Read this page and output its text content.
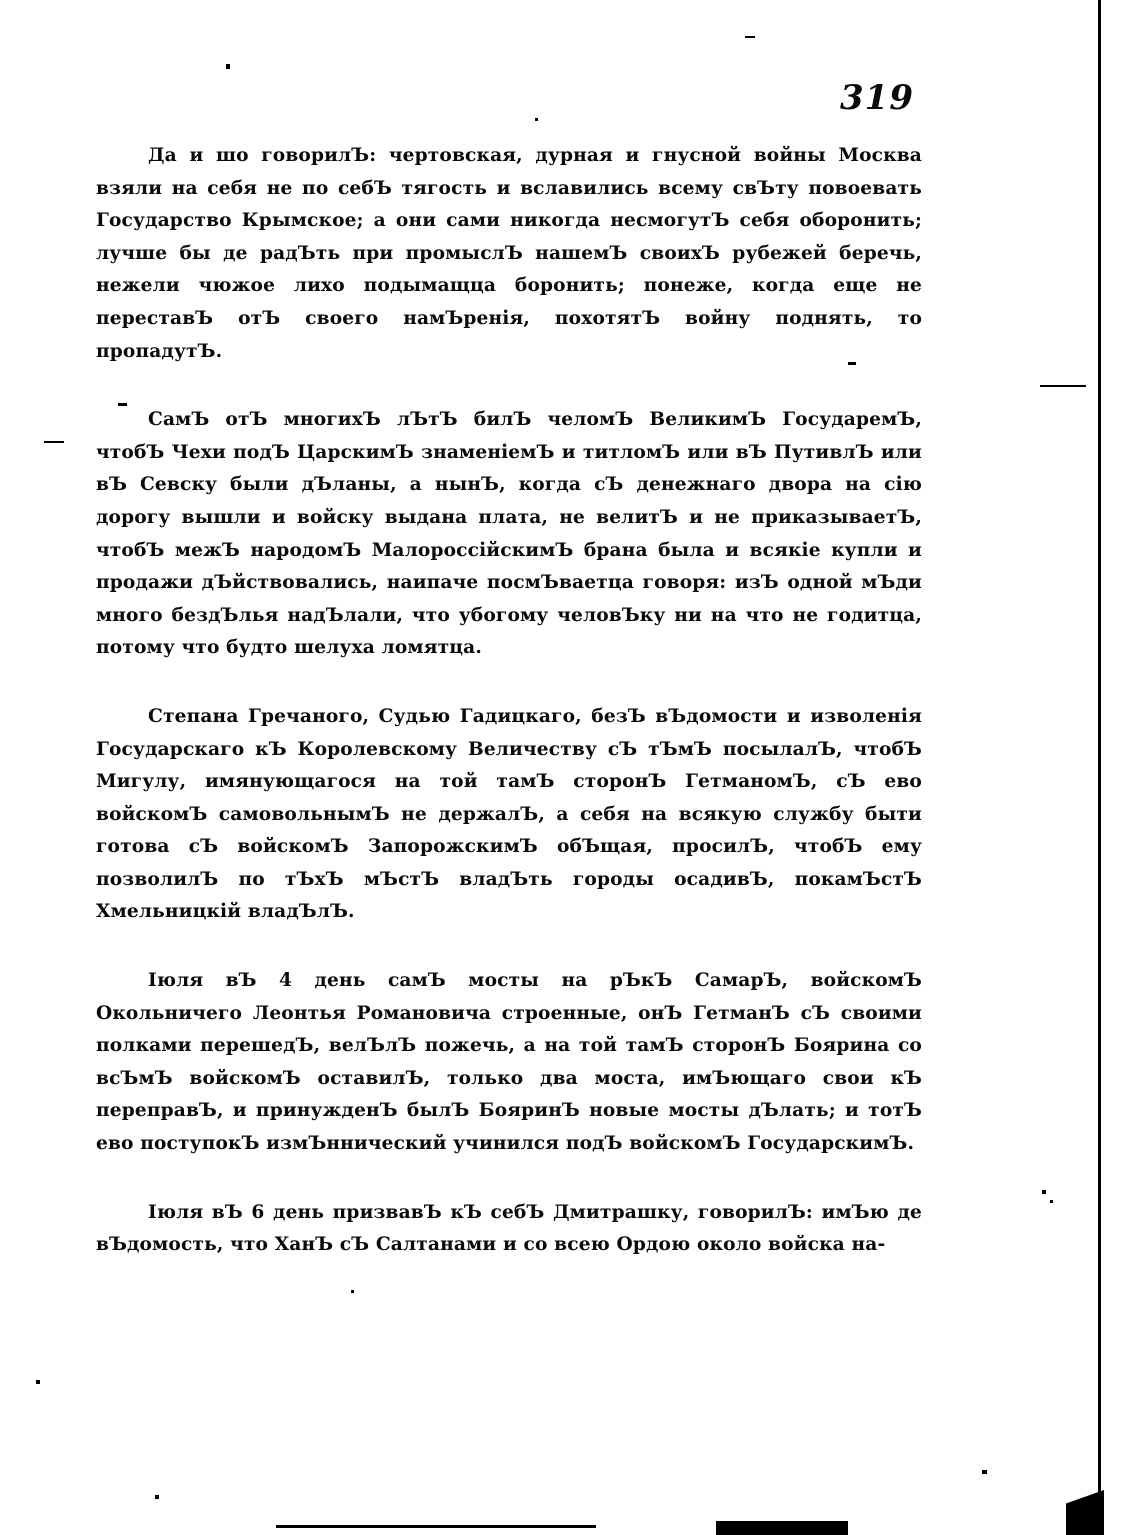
319

Да и шо говорилЪ: чертовская, дурная и гнусной войны Москва взяли на себя не по себЪ тягость и вславились всему свЪту повоевать Государство Крымское; а они сами никогда несмогутЪ себя оборонить; лучше бы де радЪть при промыслЪ нашемЪ своихЪ рубежей беречь, нежели чюжое лихо подымащца боронить; понеже, когда еще не переставЪ отЪ своего намЪренія, похотятЪ войну поднять, то пропадутЪ.

СамЪ отЪ многихЪ лЪтЪ билЪ челомЪ ВеликимЪ ГосударемЪ, чтобЪ Чехи подЪ ЦарскимЪ знаменіемЪ и титломЪ или вЪ ПутивлЪ или вЪ Севску были дЪланы, а нынЪ, когда сЪ денежнаго двора на сію дорогу вышли и войску выдана плата, не велитЪ и не приказываетЪ, чтобЪ межЪ народомЪ МалороссійскимЪ брана была и всякіе купли и продажи дЪйствовались, наипаче посмЪваетца говоря: изЪ одной мЪди много бездЪлья надЪлали, что убогому человЪку ни на что не годитца, потому что будто шелуха ломятца.

Степана Гречаного, Судью Гадицкаго, безЪ вЪдомости и изволенія Государскаго кЪ Королевскому Величеству сЪ тЪмЪ посылалЪ, чтобЪ Мигулу, имянующагося на той тамЪ сторонЪ ГетманомЪ, сЪ ево войскомЪ самовольнымЪ не держалЪ, а себя на всякую службу быти готова сЪ войскомЪ ЗапорожскимЪ обЪщая, просилЪ, чтобЪ ему позволилЪ по тЪхЪ мЪстЪ владЪть городы осадивЪ, покамЪстЪ Хмельницкій владЪлЪ.

Іюля вЪ 4 день самЪ мосты на рЪкЪ СамарЪ, войскомЪ Окольничего Леонтья Романовича строенные, онЪ ГетманЪ сЪ своими полками перешедЪ, велЪлЪ пожечь, а на той тамЪ сторонЪ Боярина со всЪмЪ войскомЪ оставилЪ, только два моста, имЪющаго свои кЪ переправЪ, и принужденЪ былЪ БояринЪ новые мосты дЪлать; и тотЪ ево поступокЪ измЪннический учинился подЪ войскомЪ ГосударскимЪ.

Іюля вЪ 6 день призвавЪ кЪ себЪ Дмитрашку, говорилЪ: имЪю де вЪдомость, что ХанЪ сЪ Салтанами и со всею Ордою около войска на-
